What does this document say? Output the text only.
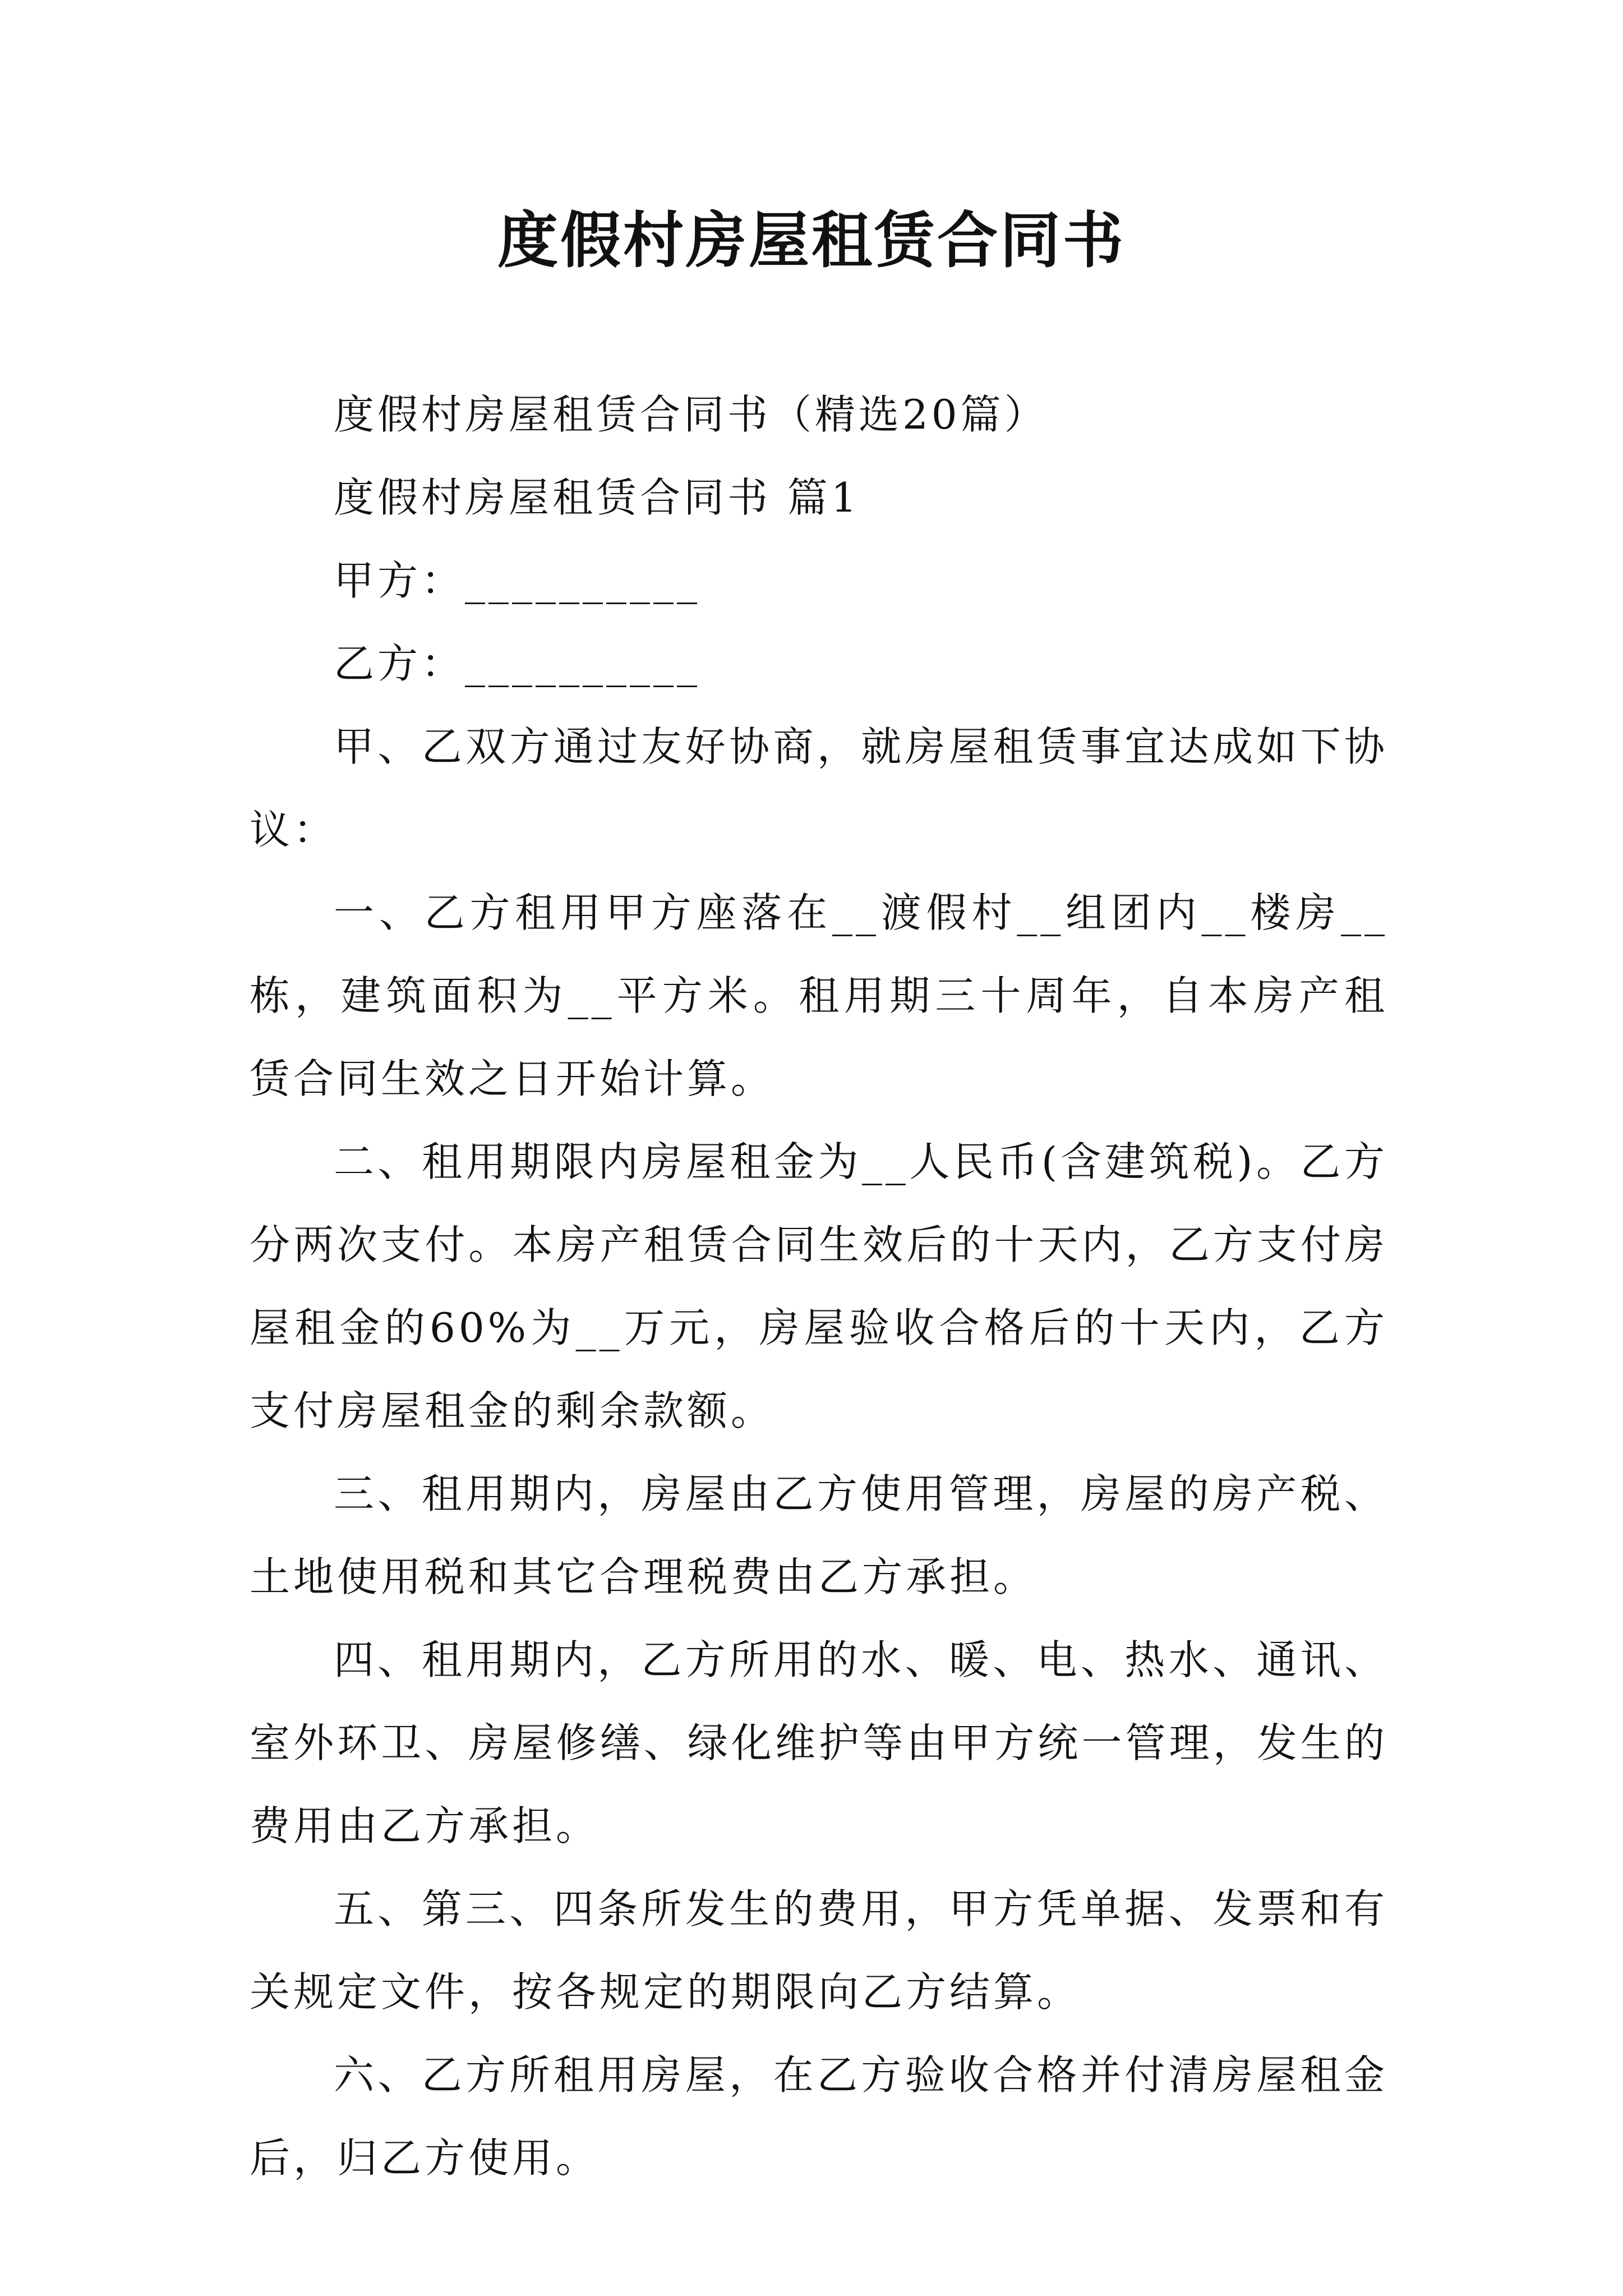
度假村房屋租赁合同书

度假村房屋租赁合同书（精选20篇）

度假村房屋租赁合同书 篇1

甲方：__________

乙方：__________

甲、乙双方通过友好协商，就房屋租赁事宜达成如下协议：

一、乙方租用甲方座落在__渡假村__组团内__楼房__栋，建筑面积为__平方米。租用期三十周年，自本房产租赁合同生效之日开始计算。

二、租用期限内房屋租金为__人民币(含建筑税)。乙方分两次支付。本房产租赁合同生效后的十天内，乙方支付房屋租金的60%为__万元，房屋验收合格后的十天内，乙方支付房屋租金的剩余款额。

三、租用期内，房屋由乙方使用管理，房屋的房产税、土地使用税和其它合理税费由乙方承担。

四、租用期内，乙方所用的水、暖、电、热水、通讯、室外环卫、房屋修缮、绿化维护等由甲方统一管理，发生的费用由乙方承担。

五、第三、四条所发生的费用，甲方凭单据、发票和有关规定文件，按各规定的期限向乙方结算。

六、乙方所租用房屋，在乙方验收合格并付清房屋租金后，归乙方使用。
